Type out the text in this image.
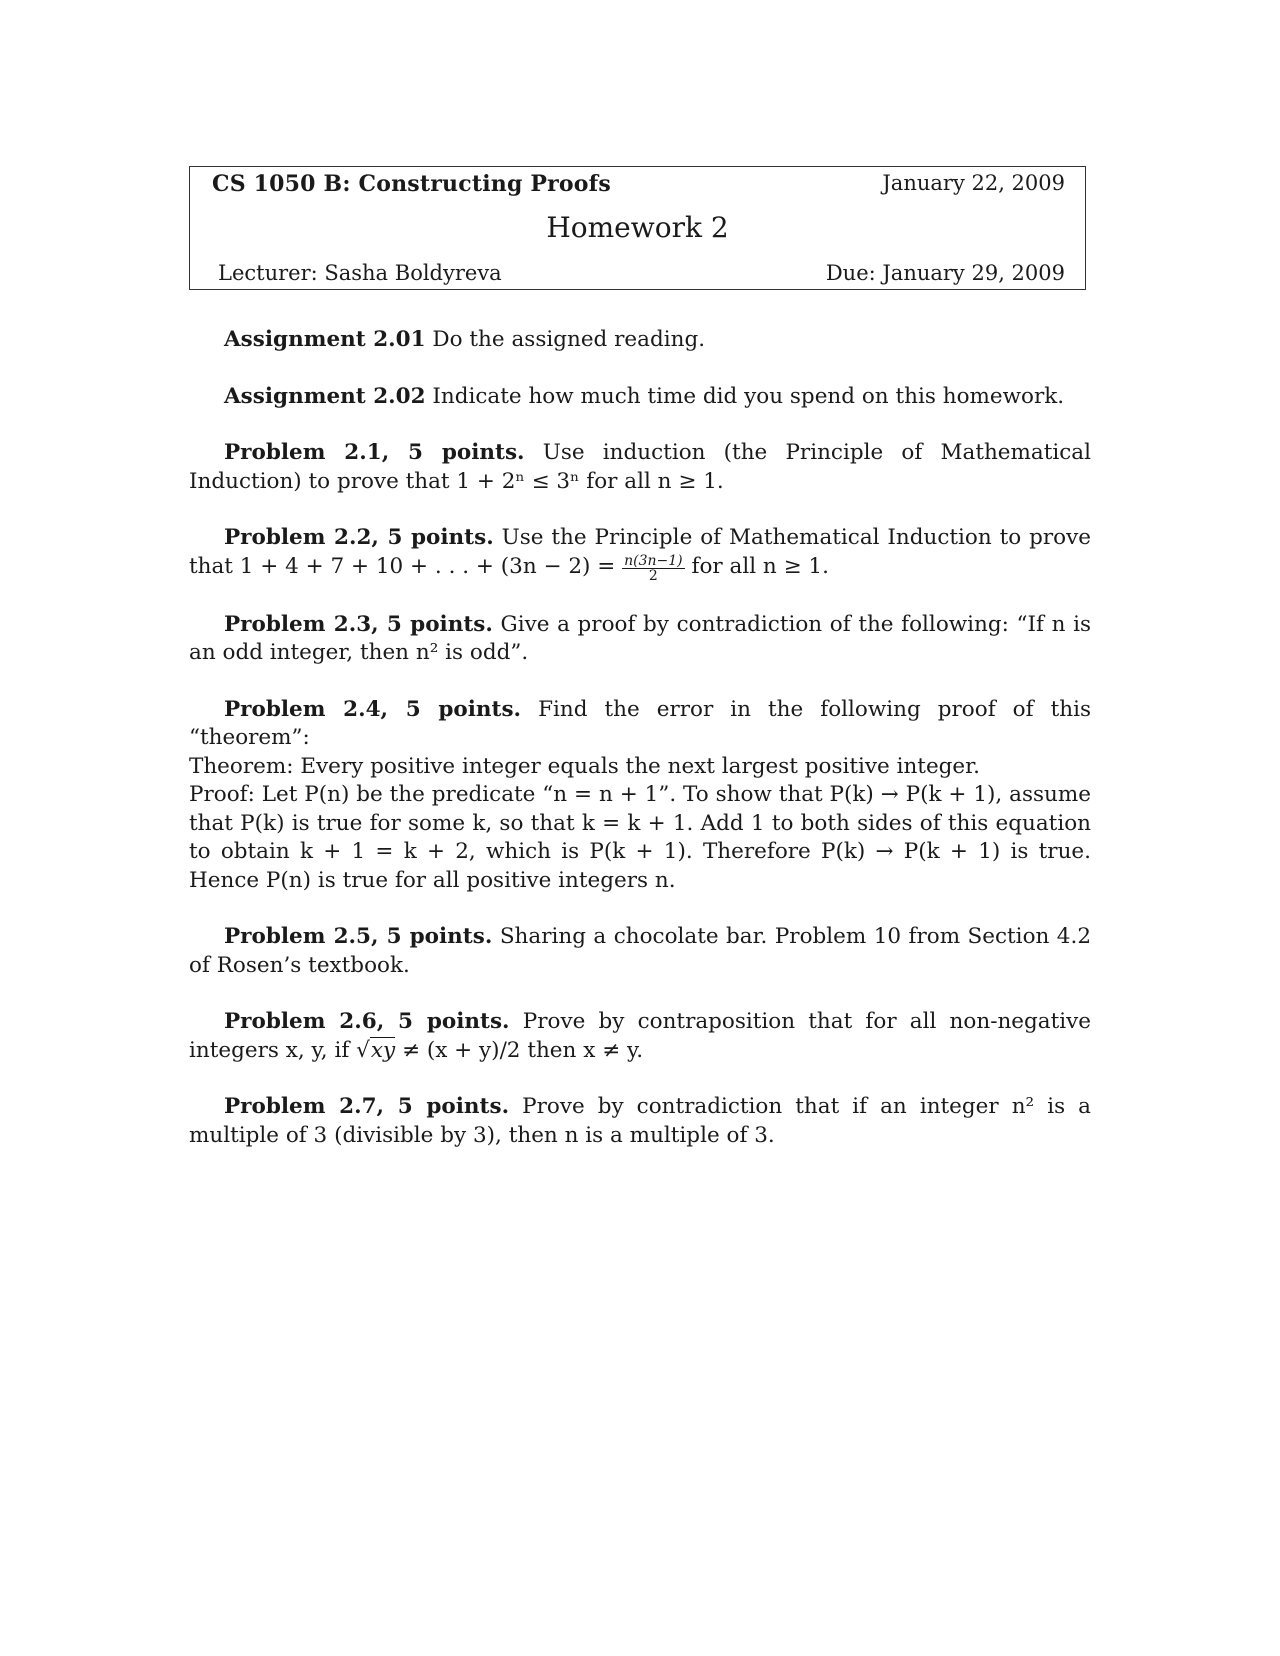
CS 1050 B: Constructing Proofs	January 22, 2009
Homework 2
Lecturer: Sasha Boldyreva	Due: January 29, 2009

Assignment 2.01 Do the assigned reading.

Assignment 2.02 Indicate how much time did you spend on this homework.

Problem 2.1, 5 points. Use induction (the Principle of Mathematical Induction) to prove that 1 + 2ⁿ ≤ 3ⁿ for all n ≥ 1.

Problem 2.2, 5 points. Use the Principle of Mathematical Induction to prove that 1 + 4 + 7 + 10 + . . . + $(3n - 2) = \frac{n(3n-1)}{2}$ for all n ≥ 1.

Problem 2.3, 5 points. Give a proof by contradiction of the following: “If n is an odd integer, then n² is odd”.

Problem 2.4, 5 points. Find the error in the following proof of this “theorem”:
Theorem: Every positive integer equals the next largest positive integer.
Proof: Let P(n) be the predicate “n = n + 1”. To show that P(k) → P(k + 1), assume that P(k) is true for some k, so that k = k + 1. Add 1 to both sides of this equation to obtain k + 1 = k + 2, which is P(k + 1). Therefore P(k) → P(k + 1) is true. Hence P(n) is true for all positive integers n.

Problem 2.5, 5 points. Sharing a chocolate bar. Problem 10 from Section 4.2 of Rosen’s textbook.

Problem 2.6, 5 points. Prove by contraposition that for all non-negative integers x, y, if √xy ≠ (x + y)/2 then x ≠ y.

Problem 2.7, 5 points. Prove by contradiction that if an integer n² is a multiple of 3 (divisible by 3), then n is a multiple of 3.
